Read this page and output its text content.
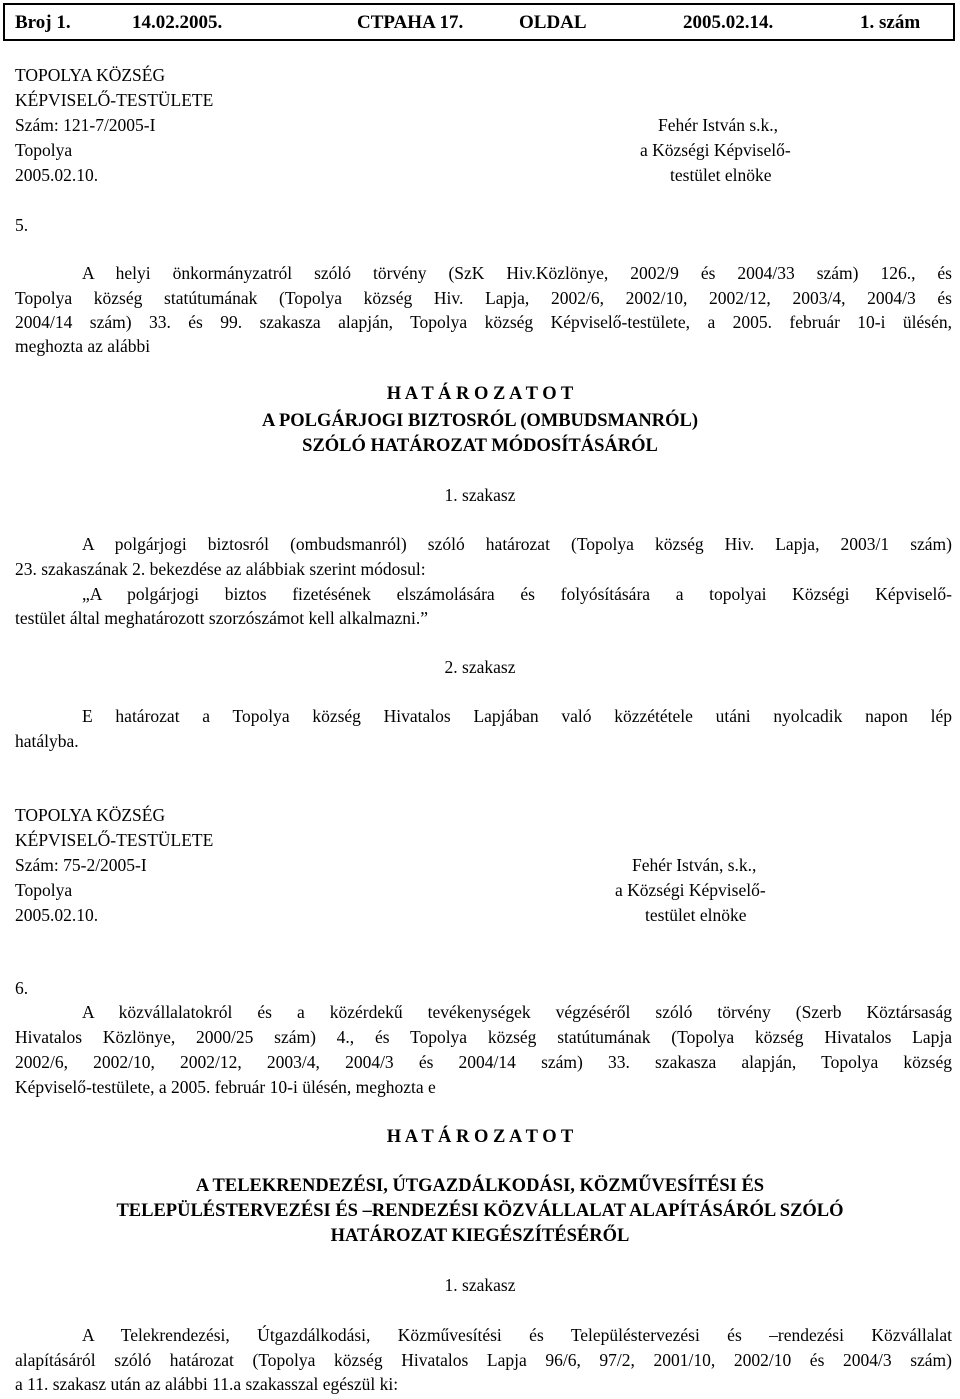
Broj 1.	14.02.2005.	CTPAHA 17.	OLDAL	2005.02.14.	1. szám
TOPOLYA KÖZSÉG
KÉPVISELŐ-TESTÜLETE
Szám: 121-7/2005-I
Topolya
2005.02.10.
Fehér István s.k.,
a Községi Képviselő-
testület elnöke
5.
A helyi önkormányzatról szóló törvény (SzK Hiv.Közlönye, 2002/9 és 2004/33 szám) 126., és
Topolya község statútumának (Topolya község Hiv. Lapja, 2002/6, 2002/10, 2002/12, 2003/4, 2004/3 és
2004/14 szám) 33. és 99. szakasza alapján, Topolya község Képviselő-testülete, a 2005. február 10-i ülésén,
meghozta az alábbi
H A T Á R O Z A T O T
A POLGÁRJOGI BIZTOSRÓL (OMBUDSMANRÓL)
SZÓLÓ HATÁROZAT MÓDOSÍTÁSÁRÓL
1. szakasz
A polgárjogi biztosról (ombudsmanról) szóló határozat (Topolya község Hiv. Lapja, 2003/1 szám)
23. szakaszának 2. bekezdése az alábbiak szerint módosul:
„A polgárjogi biztos fizetésének elszámolására és folyósítására a topolyai Községi Képviselő-
testület által meghatározott szorzószámot kell alkalmazni.”
2. szakasz
E határozat a Topolya község Hivatalos Lapjában való közzététele utáni nyolcadik napon lép
hatályba.
TOPOLYA KÖZSÉG
KÉPVISELŐ-TESTÜLETE
Szám: 75-2/2005-I
Topolya
2005.02.10.
Fehér István, s.k.,
a Községi Képviselő-
testület elnöke
6.
A közvállalatokról és a közérdekű tevékenységek végzéséről szóló törvény (Szerb Köztársaság
Hivatalos Közlönye, 2000/25 szám) 4., és Topolya község statútumának (Topolya község Hivatalos Lapja
2002/6, 2002/10, 2002/12, 2003/4, 2004/3 és 2004/14 szám) 33. szakasza alapján, Topolya község
Képviselő-testülete, a 2005. február 10-i ülésén, meghozta e
H A T Á R O Z A T O T
A TELEKRENDEZÉSI, ÚTGAZDÁLKODÁSI, KÖZMŰVESÍTÉSI ÉS
TELEPÜLÉSTERVEZÉSI ÉS –RENDEZÉSI KÖZVÁLLALAT ALAPÍTÁSÁRÓL SZÓLÓ
HATÁROZAT KIEGÉSZÍTÉSÉRŐL
1. szakasz
A Telekrendezési, Útgazdálkodási, Közművesítési és Településtervezési és –rendezési Közvállalat
alapításáról szóló határozat (Topolya község Hivatalos Lapja 96/6, 97/2, 2001/10, 2002/10 és 2004/3 szám)
a 11. szakasz után az alábbi 11.a szakasszal egészül ki:
